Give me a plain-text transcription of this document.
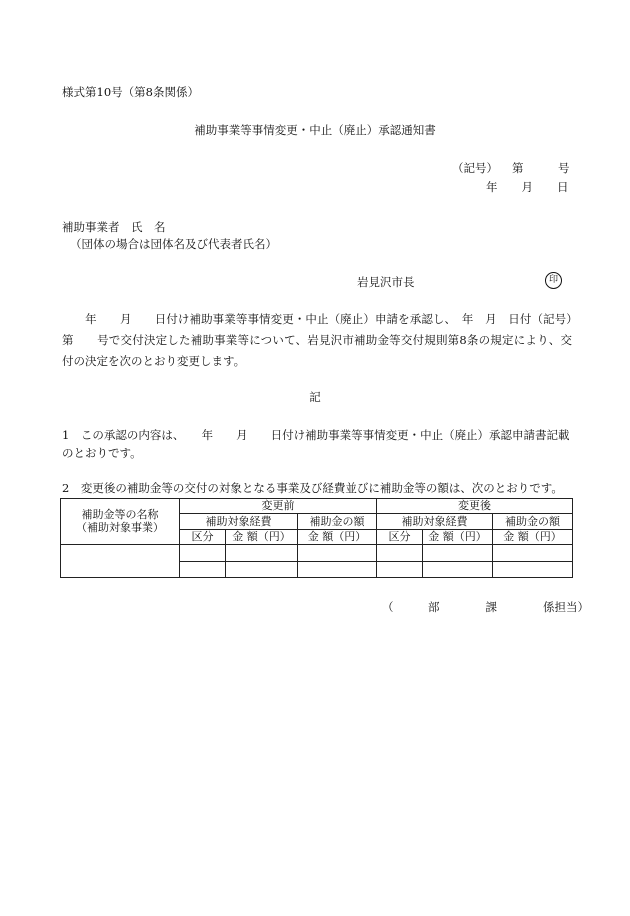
様式第10号（第8条関係）
補助事業等事情変更・中止（廃止）承認通知書
（記号） 第	号
年 月 日
補助事業者　氏　名
（団体の場合は団体名及び代表者氏名）
岩見沢市長	印
　　年　　月　　日付け補助事業等事情変更・中止（廃止）申請を承認し、　年　月　日付（記号）第　　号で交付決定した補助事業等について、岩見沢市補助金等交付規則第8条の規定により、交付の決定を次のとおり変更します。
記
1　この承認の内容は、　　年　　月　　日付け補助事業等事情変更・中止（廃止）承認申請書記載のとおりです。
2　変更後の補助金等の交付の対象となる事業及び経費並びに補助金等の額は、次のとおりです。
補助金等の名称
（補助対象事業）	変更前			変更後		
	補助対象経費		補助金の額	補助対象経費		補助金の額
	区分	金 額（円）	金 額（円）	区分	金 額（円）	金 額（円）

（　　　部　　　　課　　　　係担当）
